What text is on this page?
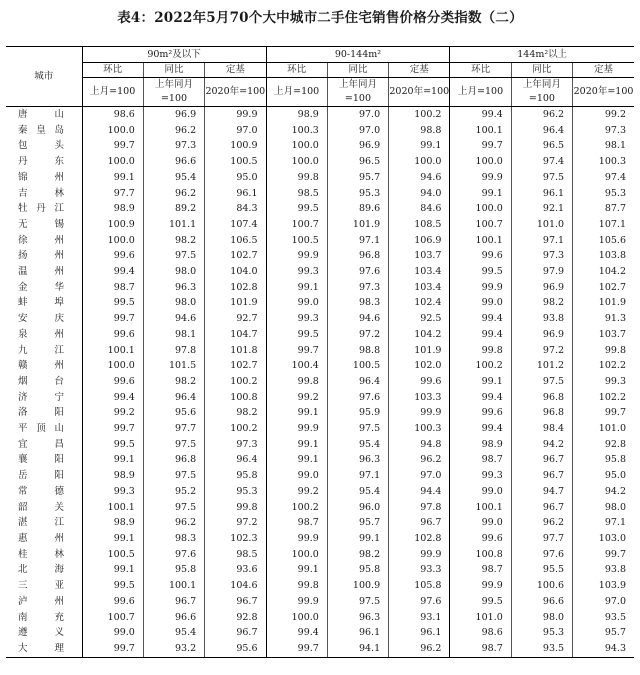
表4：2022年5月70个大中城市二手住宅销售价格分类指数（二）
城市	90m²及以下			90-144m²			144m²以上		
	环比	同比	定基	环比	同比	定基	环比	同比	定基
	上月=100	上年同月=100	2020年=100	上月=100	上年同月=100	2020年=100	上月=100	上年同月=100	2020年=100

唐山	98.6	96.9	99.9	98.9	97.0	100.2	99.4	96.2	99.2

秦皇岛	100.0	96.2	97.0	100.3	97.0	98.8	100.1	96.4	97.3

包头	99.7	97.3	100.9	100.0	96.9	99.1	99.7	96.5	98.1

丹东	100.0	96.6	100.5	100.0	96.5	100.0	100.0	97.4	100.3

锦州	99.1	95.4	95.0	99.8	95.7	94.6	99.9	97.5	97.4

吉林	97.7	96.2	96.1	98.5	95.3	94.0	99.1	96.1	95.3

牡丹江	98.9	89.2	84.3	99.5	89.6	84.6	100.0	92.1	87.7

无锡	100.9	101.1	107.4	100.7	101.9	108.5	100.7	101.0	107.1

徐州	100.0	98.2	106.5	100.5	97.1	106.9	100.1	97.1	105.6

扬州	99.6	97.5	102.7	99.9	96.8	103.7	99.6	97.3	103.8

温州	99.4	98.0	104.0	99.3	97.6	103.4	99.5	97.9	104.2

金华	98.7	96.3	102.8	99.1	97.3	103.4	99.9	96.9	102.7

蚌埠	99.5	98.0	101.9	99.0	98.3	102.4	99.0	98.2	101.9

安庆	99.7	94.6	92.7	99.3	94.6	92.5	99.4	93.8	91.3

泉州	99.6	98.1	104.7	99.5	97.2	104.2	99.4	96.9	103.7

九江	100.1	97.8	101.8	99.7	98.8	101.9	99.8	97.2	99.8

赣州	100.0	101.5	102.7	100.4	100.5	102.0	100.2	101.2	102.2

烟台	99.6	98.2	100.2	99.8	96.4	99.6	99.1	97.5	99.3

济宁	99.4	96.4	100.8	99.2	97.6	103.3	99.4	96.8	102.2

洛阳	99.2	95.6	98.2	99.1	95.9	99.9	99.6	96.8	99.7

平顶山	99.7	97.7	100.2	99.9	97.5	100.3	99.4	98.4	101.0

宜昌	99.5	97.5	97.3	99.1	95.4	94.8	98.9	94.2	92.8

襄阳	99.1	96.8	96.4	99.1	96.3	96.2	98.7	96.7	95.8

岳阳	98.9	97.5	95.8	99.0	97.1	97.0	99.3	96.7	95.0

常德	99.3	95.2	95.3	99.2	95.4	94.4	99.0	94.7	94.2

韶关	100.1	97.5	99.8	100.2	96.0	97.8	100.1	96.7	98.0

湛江	98.9	96.2	97.2	98.7	95.7	96.7	99.0	96.2	97.1

惠州	99.1	98.3	102.3	99.9	99.1	102.8	99.6	97.7	103.0

桂林	100.5	97.6	98.5	100.0	98.2	99.9	100.8	97.6	99.7

北海	99.1	95.8	93.6	99.1	95.8	93.3	98.7	95.5	93.8

三亚	99.5	100.1	104.6	99.8	100.9	105.8	99.9	100.6	103.9

泸州	99.6	96.7	96.7	99.9	97.5	97.6	99.5	96.6	97.0

南充	100.7	96.6	92.8	100.0	96.3	93.1	101.0	98.0	93.5

遵义	99.0	95.4	96.7	99.4	96.1	96.1	98.6	95.3	95.7

大理	99.7	93.2	95.6	99.7	94.1	96.2	98.7	93.5	94.3
